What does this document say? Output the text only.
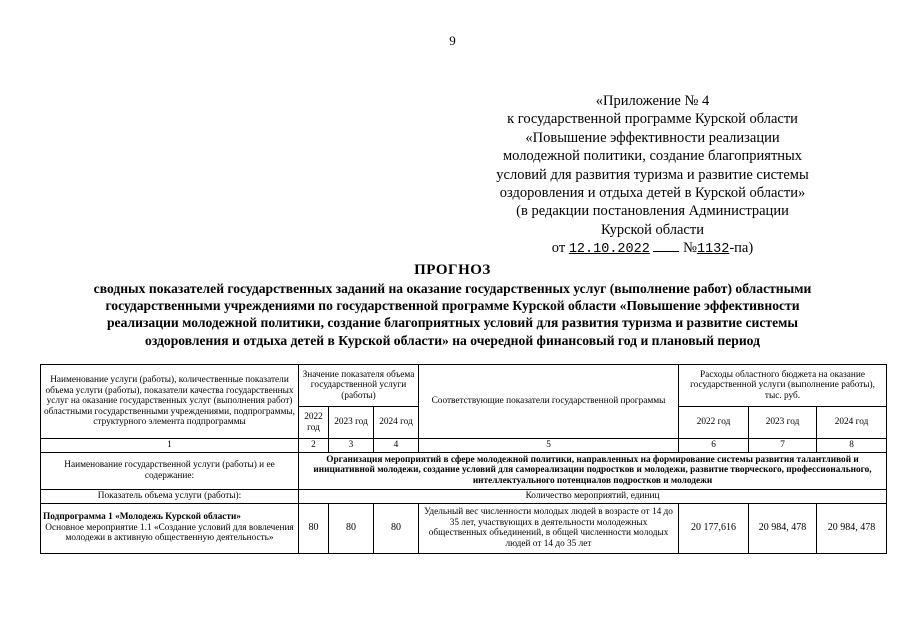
9
«Приложение № 4
к государственной программе Курской области
«Повышение эффективности реализации
молодежной политики, создание благоприятных
условий для развития туризма и развитие системы
оздоровления и отдыха детей в Курской области»
(в редакции постановления Администрации
Курской области
от 12.10.2022 №1132-па)
ПРОГНОЗ
сводных показателей государственных заданий на оказание государственных услуг (выполнение работ) областными
государственными учреждениями по государственной программе Курской области «Повышение эффективности
реализации молодежной политики, создание благоприятных условий для развития туризма и развитие системы
оздоровления и отдыха детей в Курской области» на очередной финансовый год и плановый период
Наименование услуги (работы), количественные показатели объема услуги (работы), показатели качества государственных услуг на оказание государственных услуг (выполнения работ) областными государственными учреждениями, подпрограммы, структурного элемента подпрограммы	Значение показателя объема государственной услуги (работы)			Соответствующие показатели государственной программы	Расходы областного бюджета на оказание государственной услуги (выполнение работы), тыс. руб.		
	2022 год	2023 год	2024 год		2022 год	2023 год	2024 год
1	2	3	4	5	6	7	8
Наименование государственной услуги (работы) и ее содержание:	Организация мероприятий в сфере молодежной политики, направленных на формирование системы развития талантливой и инициативной молодежи, создание условий для самореализации подростков и молодежи, развитие творческого, профессионального, интеллектуального потенциалов подростков и молодежи						
Показатель объема услуги (работы):	Количество мероприятий, единиц						

Подпрограмма 1 «Молодежь Курской области»
Основное мероприятие 1.1 «Создание условий для вовлечения молодежи в активную общественную деятельность»	80	80	80	Удельный вес численности молодых людей в возрасте от 14 до 35 лет, участвующих в деятельности молодежных общественных объединений, в общей численности молодых людей от 14 до 35 лет	20 177,616	20 984, 478	20 984, 478
